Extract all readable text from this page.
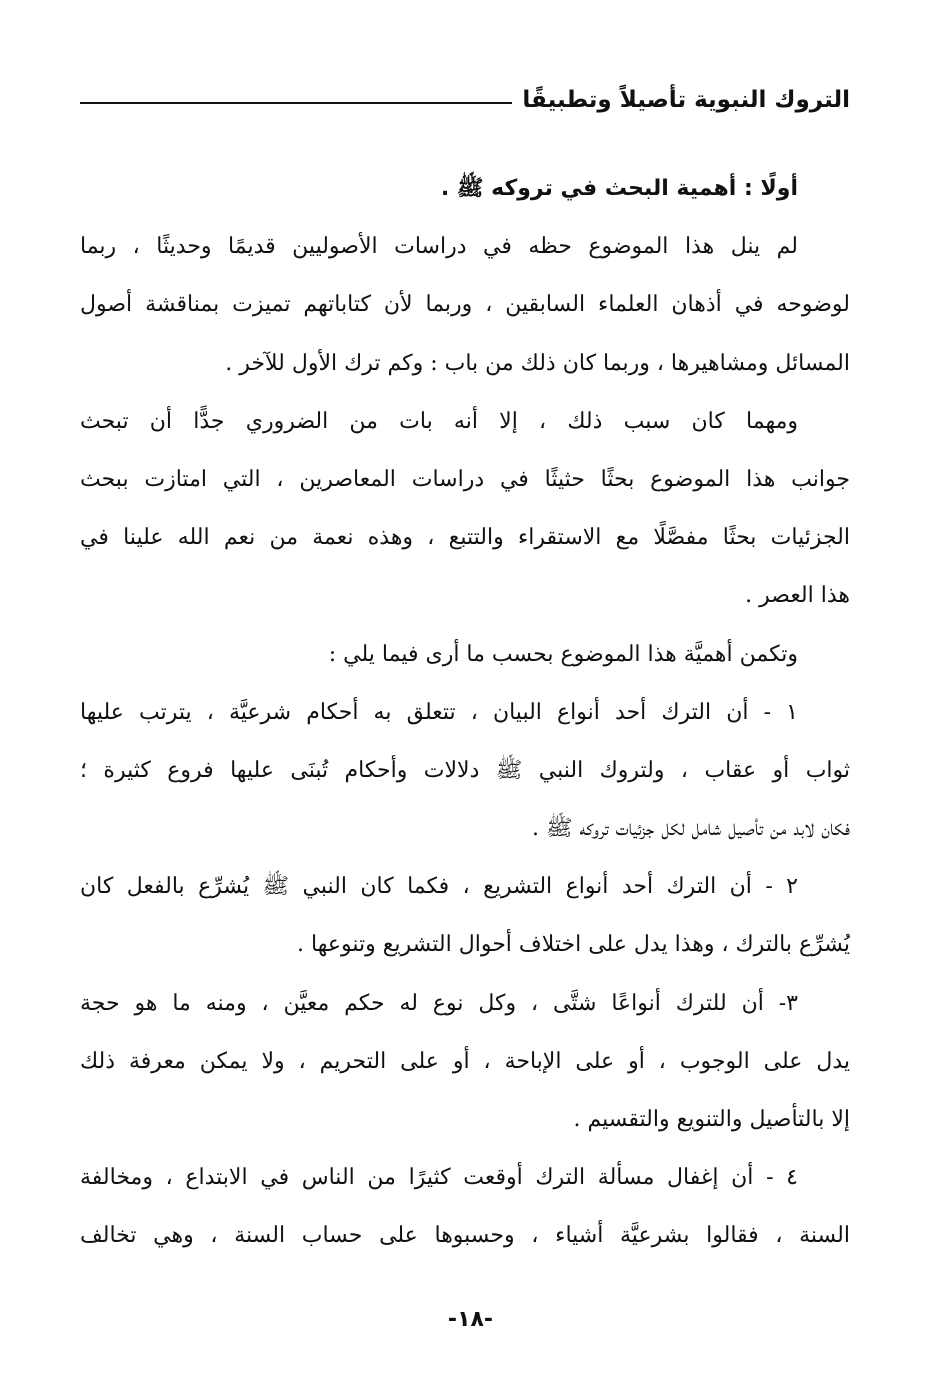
التروك النبوية تأصيلاً وتطبيقًا
أولًا : أهمية البحث في تروكه ﷺ .
لم ينل هذا الموضوع حظه في دراسات الأصوليين قديمًا وحديثًا ، ربما
لوضوحه في أذهان العلماء السابقين ، وربما لأن كتاباتهم تميزت بمناقشة أصول
المسائل ومشاهيرها ، وربما كان ذلك من باب : وكم ترك الأول للآخر .
ومهما كان سبب ذلك ، إلا أنه بات من الضروري جدًّا أن تبحث
جوانب هذا الموضوع بحثًا حثيثًا في دراسات المعاصرين ، التي امتازت ببحث
الجزئيات بحثًا مفصَّلًا مع الاستقراء والتتبع ، وهذه نعمة من نعم الله علينا في
هذا العصر .
وتكمن أهميَّة هذا الموضوع بحسب ما أرى فيما يلي :
١ - أن الترك أحد أنواع البيان ، تتعلق به أحكام شرعيَّة ، يترتب عليها
ثواب أو عقاب ، ولتروك النبي ﷺ دلالات وأحكام تُبنَى عليها فروع كثيرة ؛
فكان لابد من تأصيل شامل لكل جزئيات تروكه ﷺ .
٢ - أن الترك أحد أنواع التشريع ، فكما كان النبي ﷺ يُشرِّع بالفعل كان
يُشرِّع بالترك ، وهذا يدل على اختلاف أحوال التشريع وتنوعها .
٣- أن للترك أنواعًا شتَّى ، وكل نوع له حكم معيَّن ، ومنه ما هو حجة
يدل على الوجوب ، أو على الإباحة ، أو على التحريم ، ولا يمكن معرفة ذلك
إلا بالتأصيل والتنويع والتقسيم .
٤ - أن إغفال مسألة الترك أوقعت كثيرًا من الناس في الابتداع ، ومخالفة
السنة ، فقالوا بشرعيَّة أشياء ، وحسبوها على حساب السنة ، وهي تخالف
-١٨-
